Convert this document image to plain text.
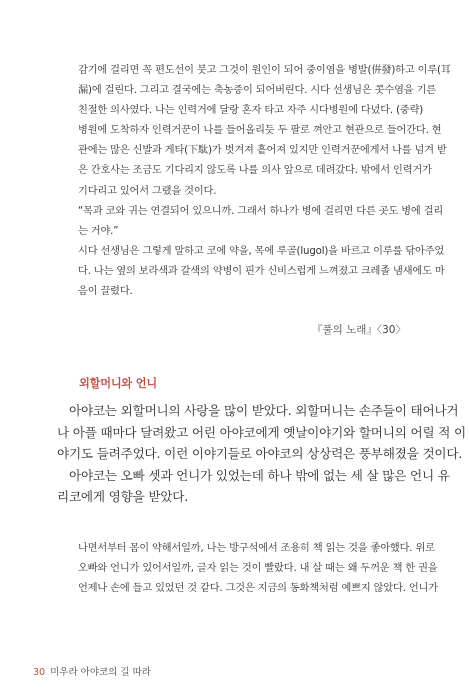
감기에 걸리면 꼭 편도선이 붓고 그것이 원인이 되어 중이염을 병발(倂發)하고 이루(耳
漏)에 걸린다. 그리고 결국에는 축농증이 되어버린다. 시다 선생님은 콧수염을 기른
친절한 의사였다. 나는 인력거에 달랑 혼자 타고 자주 시다병원에 다녔다. (중략)
병원에 도착하자 인력거꾼이 나를 들어올리듯 두 팔로 껴안고 현관으로 들어간다. 현
관에는 많은 신발과 게타(下駄)가 벗겨져 흩어져 있지만 인력거꾼에게서 나를 넘겨 받
은 간호사는 조금도 기다리지 않도록 나를 의사 앞으로 데려갔다. 밖에서 인력거가
기다리고 있어서 그랬을 것이다.
“목과 코와 귀는 연결되어 있으니까. 그래서 하나가 병에 걸리면 다른 곳도 병에 걸리
는 거야.”
시다 선생님은 그렇게 말하고 코에 약을, 목에 루골(lugol)을 바르고 이루를 닦아주었
다. 나는 옆의 보라색과 갈색의 약병이 핀가 신비스럽게 느껴졌고 크레졸 냄새에도 마
음이 끌렸다.
『풀의 노래』〈30〉
외할머니와 언니
아야코는 외할머니의 사랑을 많이 받았다. 외할머니는 손주들이 태어나거
나 아플 때마다 달려왔고 어린 아야코에게 옛날이야기와 할머니의 어릴 적 이
야기도 들려주었다. 이런 이야기들로 아야코의 상상력은 풍부해졌을 것이다.
아야코는 오빠 셋과 언니가 있었는데 하나 밖에 없는 세 살 많은 언니 유
리코에게 영향을 받았다.
나면서부터 몸이 약해서일까, 나는 방구석에서 조용히 책 읽는 것을 좋아했다. 위로
오빠와 언니가 있어서일까, 글자 읽는 것이 빨랐다. 내 살 때는 왜 두꺼운 책 한 권을
언제나 손에 들고 있었던 것 같다. 그것은 지금의 동화책처럼 예쁘지 않았다. 언니가
30 미우라 아야코의 길 따라
